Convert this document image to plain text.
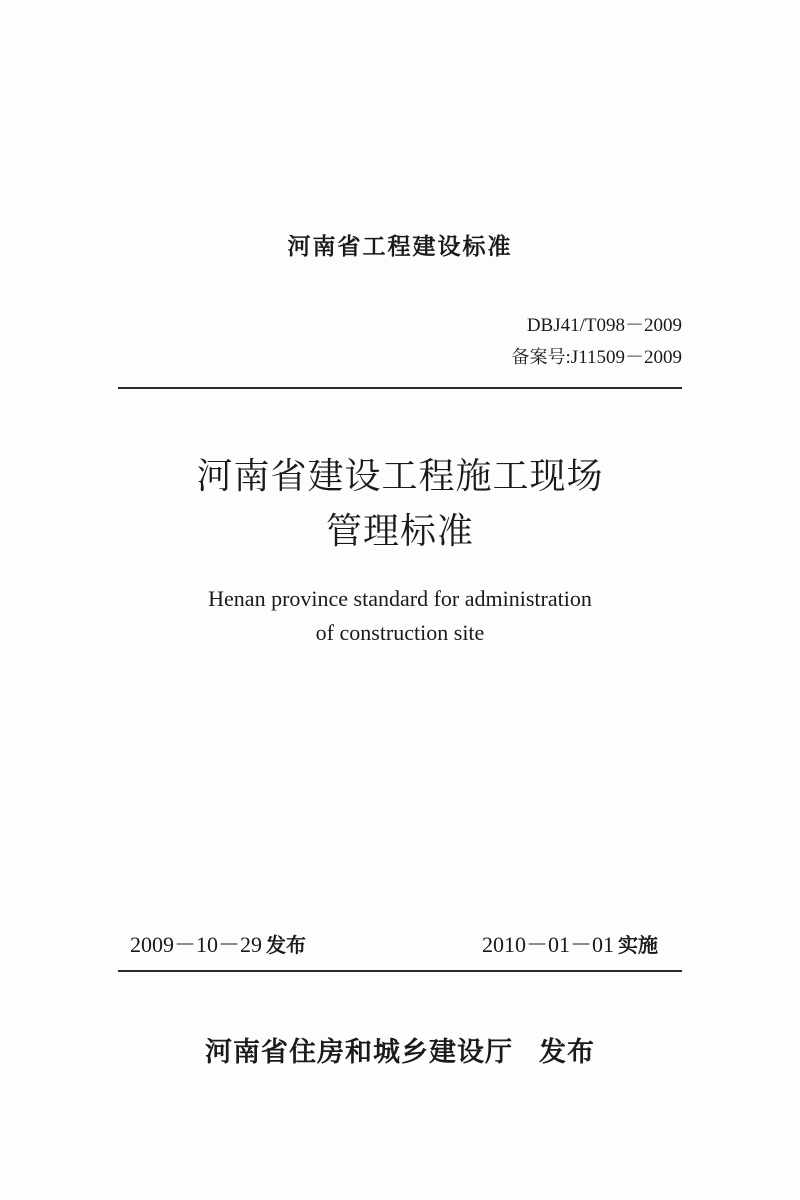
河南省工程建设标准
DBJ41/T098－2009
备案号:J11509－2009
河南省建设工程施工现场
管理标准
Henan province standard for administration
of construction site
2009－10－29 发布	2010－01－01 实施
河南省住房和城乡建设厅 发布
